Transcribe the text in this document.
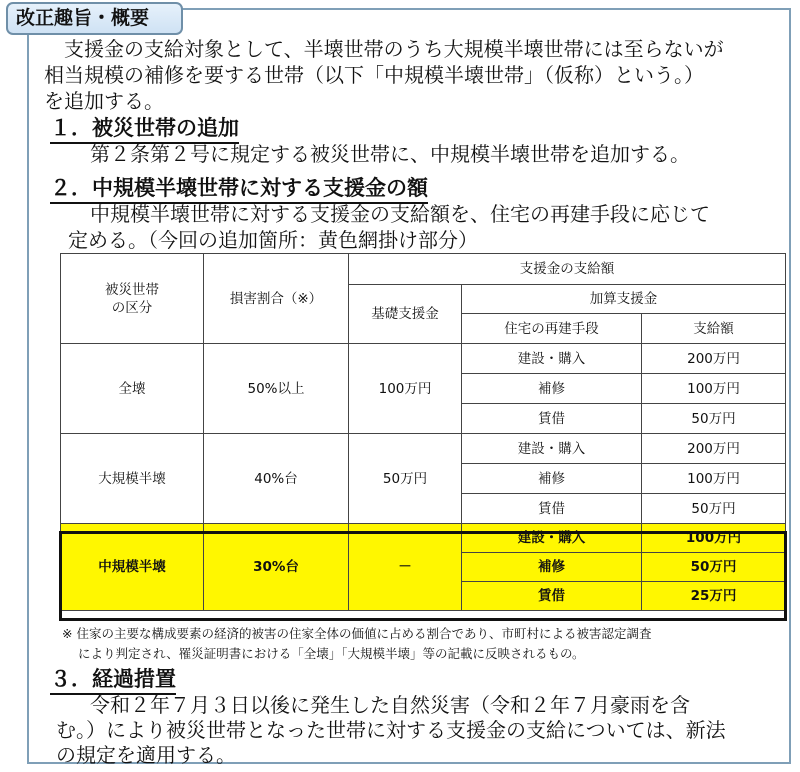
改正趣旨・概要
　支援金の支給対象として、半壊世帯のうち大規模半壊世帯には至らないが
相当規模の補修を要する世帯（以下「中規模半壊世帯」（仮称）という。）
を追加する。
１．被災世帯の追加
第２条第２号に規定する被災世帯に、中規模半壊世帯を追加する。
２．中規模半壊世帯に対する支援金の額
中規模半壊世帯に対する支援金の支給額を、住宅の再建手段に応じて
定める。（今回の追加箇所：黄色網掛け部分）
被災世帯
の区分	損害割合（※）	支援金の支給額		
		基礎支援金	加算支援金	
			住宅の再建手段	支給額
全壊	50%以上	100万円	建設・購入	200万円
			補修	100万円
			賃借	50万円
大規模半壊	40%台	50万円	建設・購入	200万円
			補修	100万円
			賃借	50万円
中規模半壊	30%台	－	建設・購入	100万円
			補修	50万円
			賃借	25万円
※ 住家の主要な構成要素の経済的被害の住家全体の価値に占める割合であり、市町村による被害認定調査
により判定され、罹災証明書における「全壊」「大規模半壊」等の記載に反映されるもの。
３．経過措置
　令和２年７月３日以後に発生した自然災害（令和２年７月豪雨を含
む。）により被災世帯となった世帯に対する支援金の支給については、新法
の規定を適用する。
